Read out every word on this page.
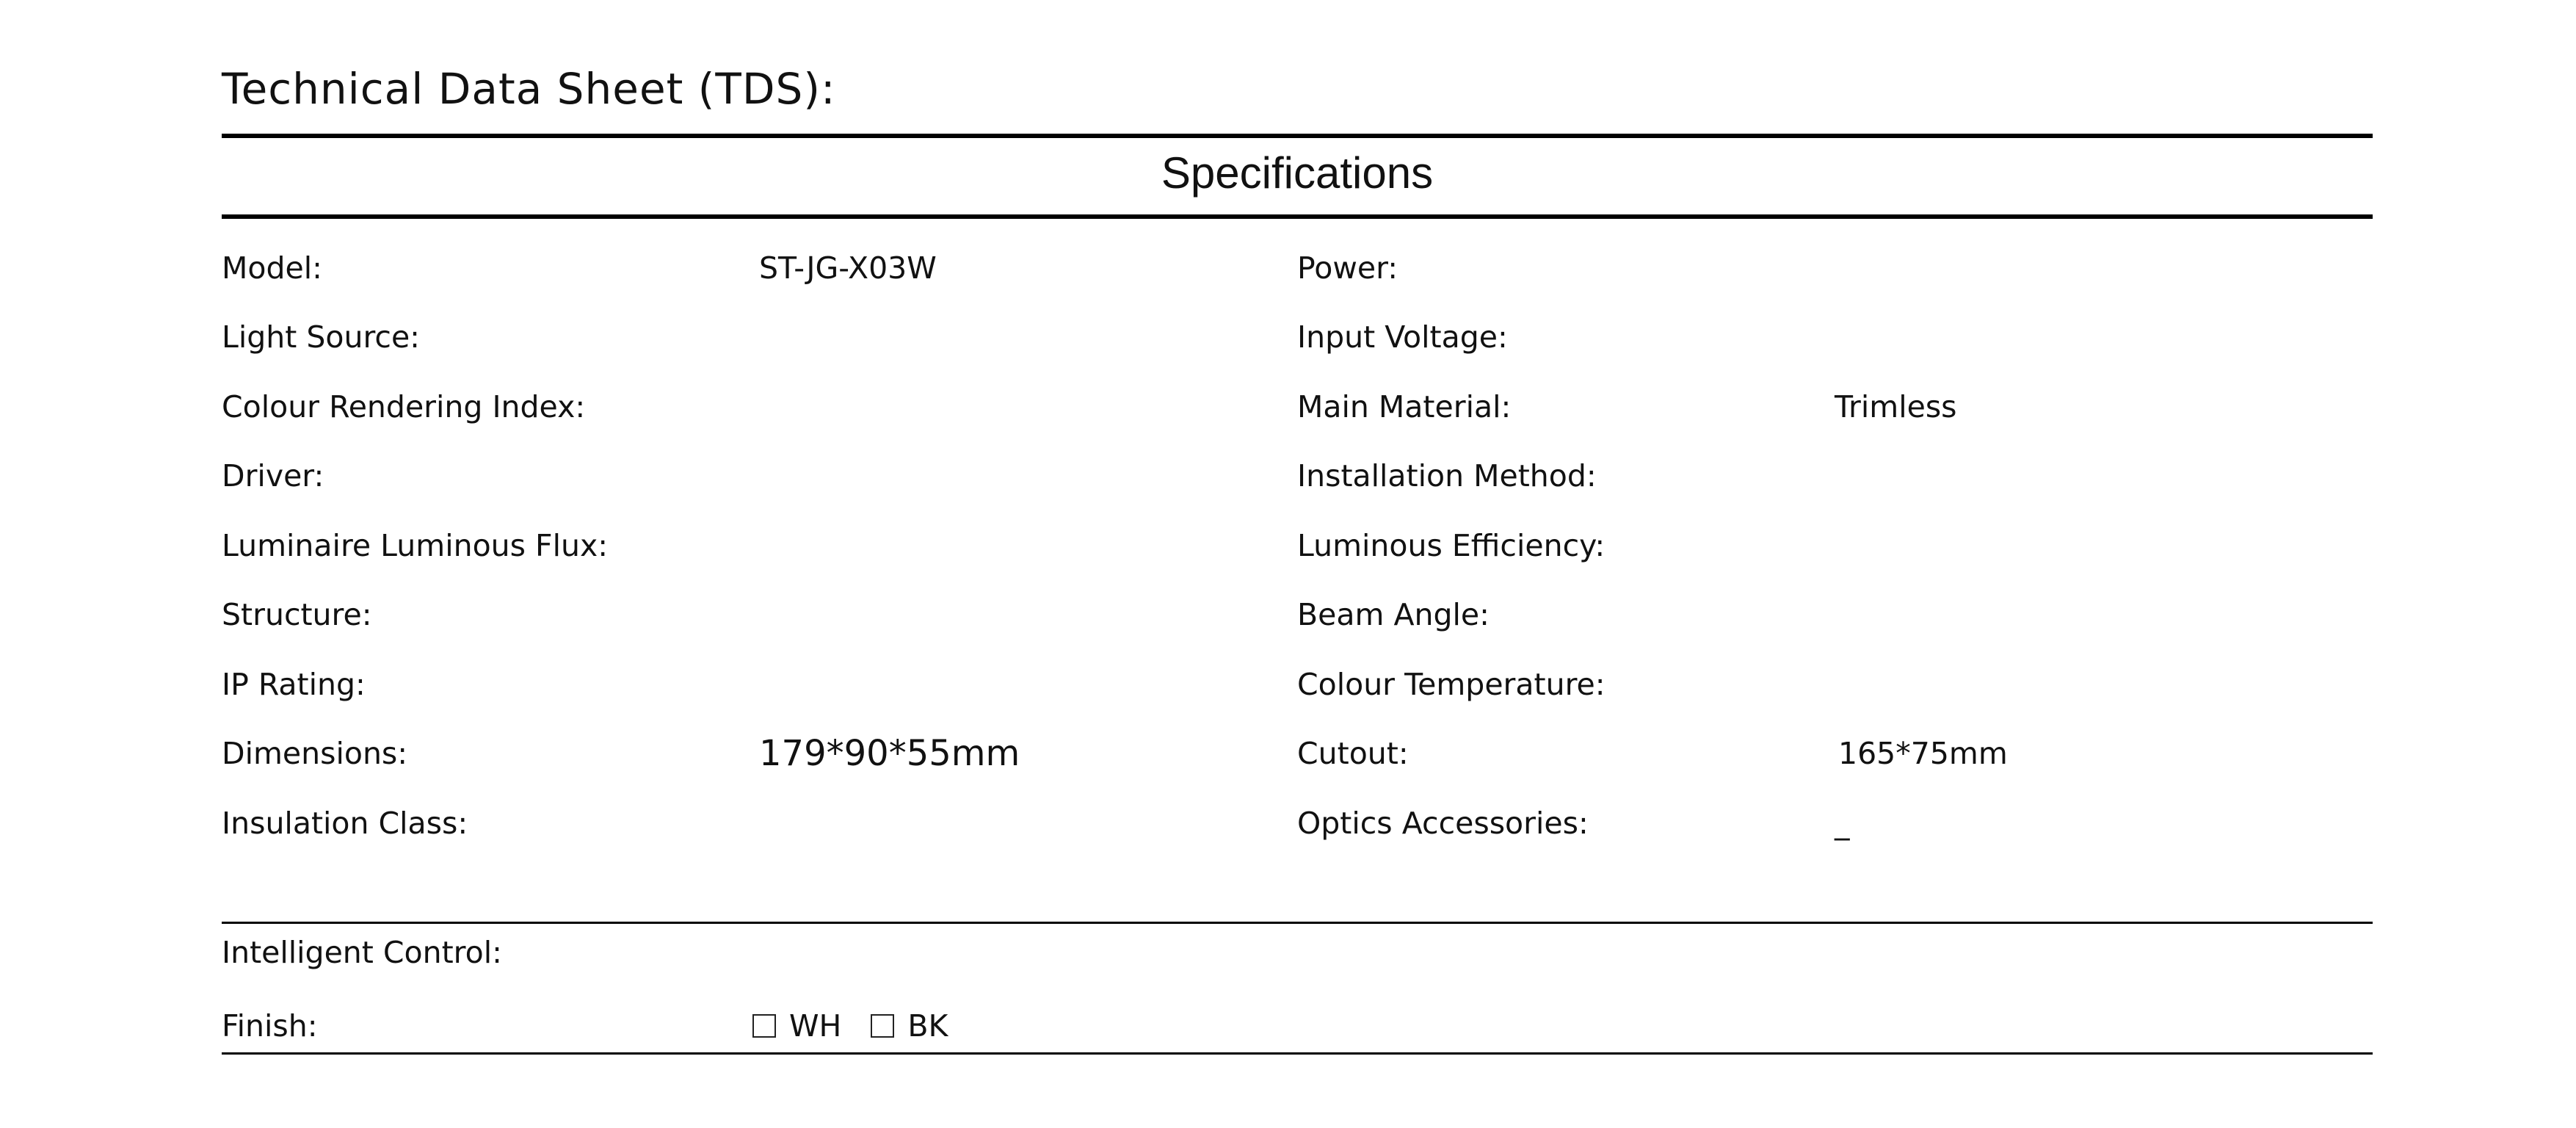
Technical Data Sheet (TDS):
Specifications
Model:	ST-JG-X03W	Power:
Light Source:	Input Voltage:
Colour Rendering Index:	Main Material:	Trimless
Driver:	Installation Method:
Luminaire Luminous Flux:	Luminous Efficiency:
Structure:	Beam Angle:
IP Rating:	Colour Temperature:
Dimensions:	179*90*55mm	Cutout:	165*75mm
Insulation Class:	Optics Accessories:	_
Intelligent Control:
Finish:	WH BK
